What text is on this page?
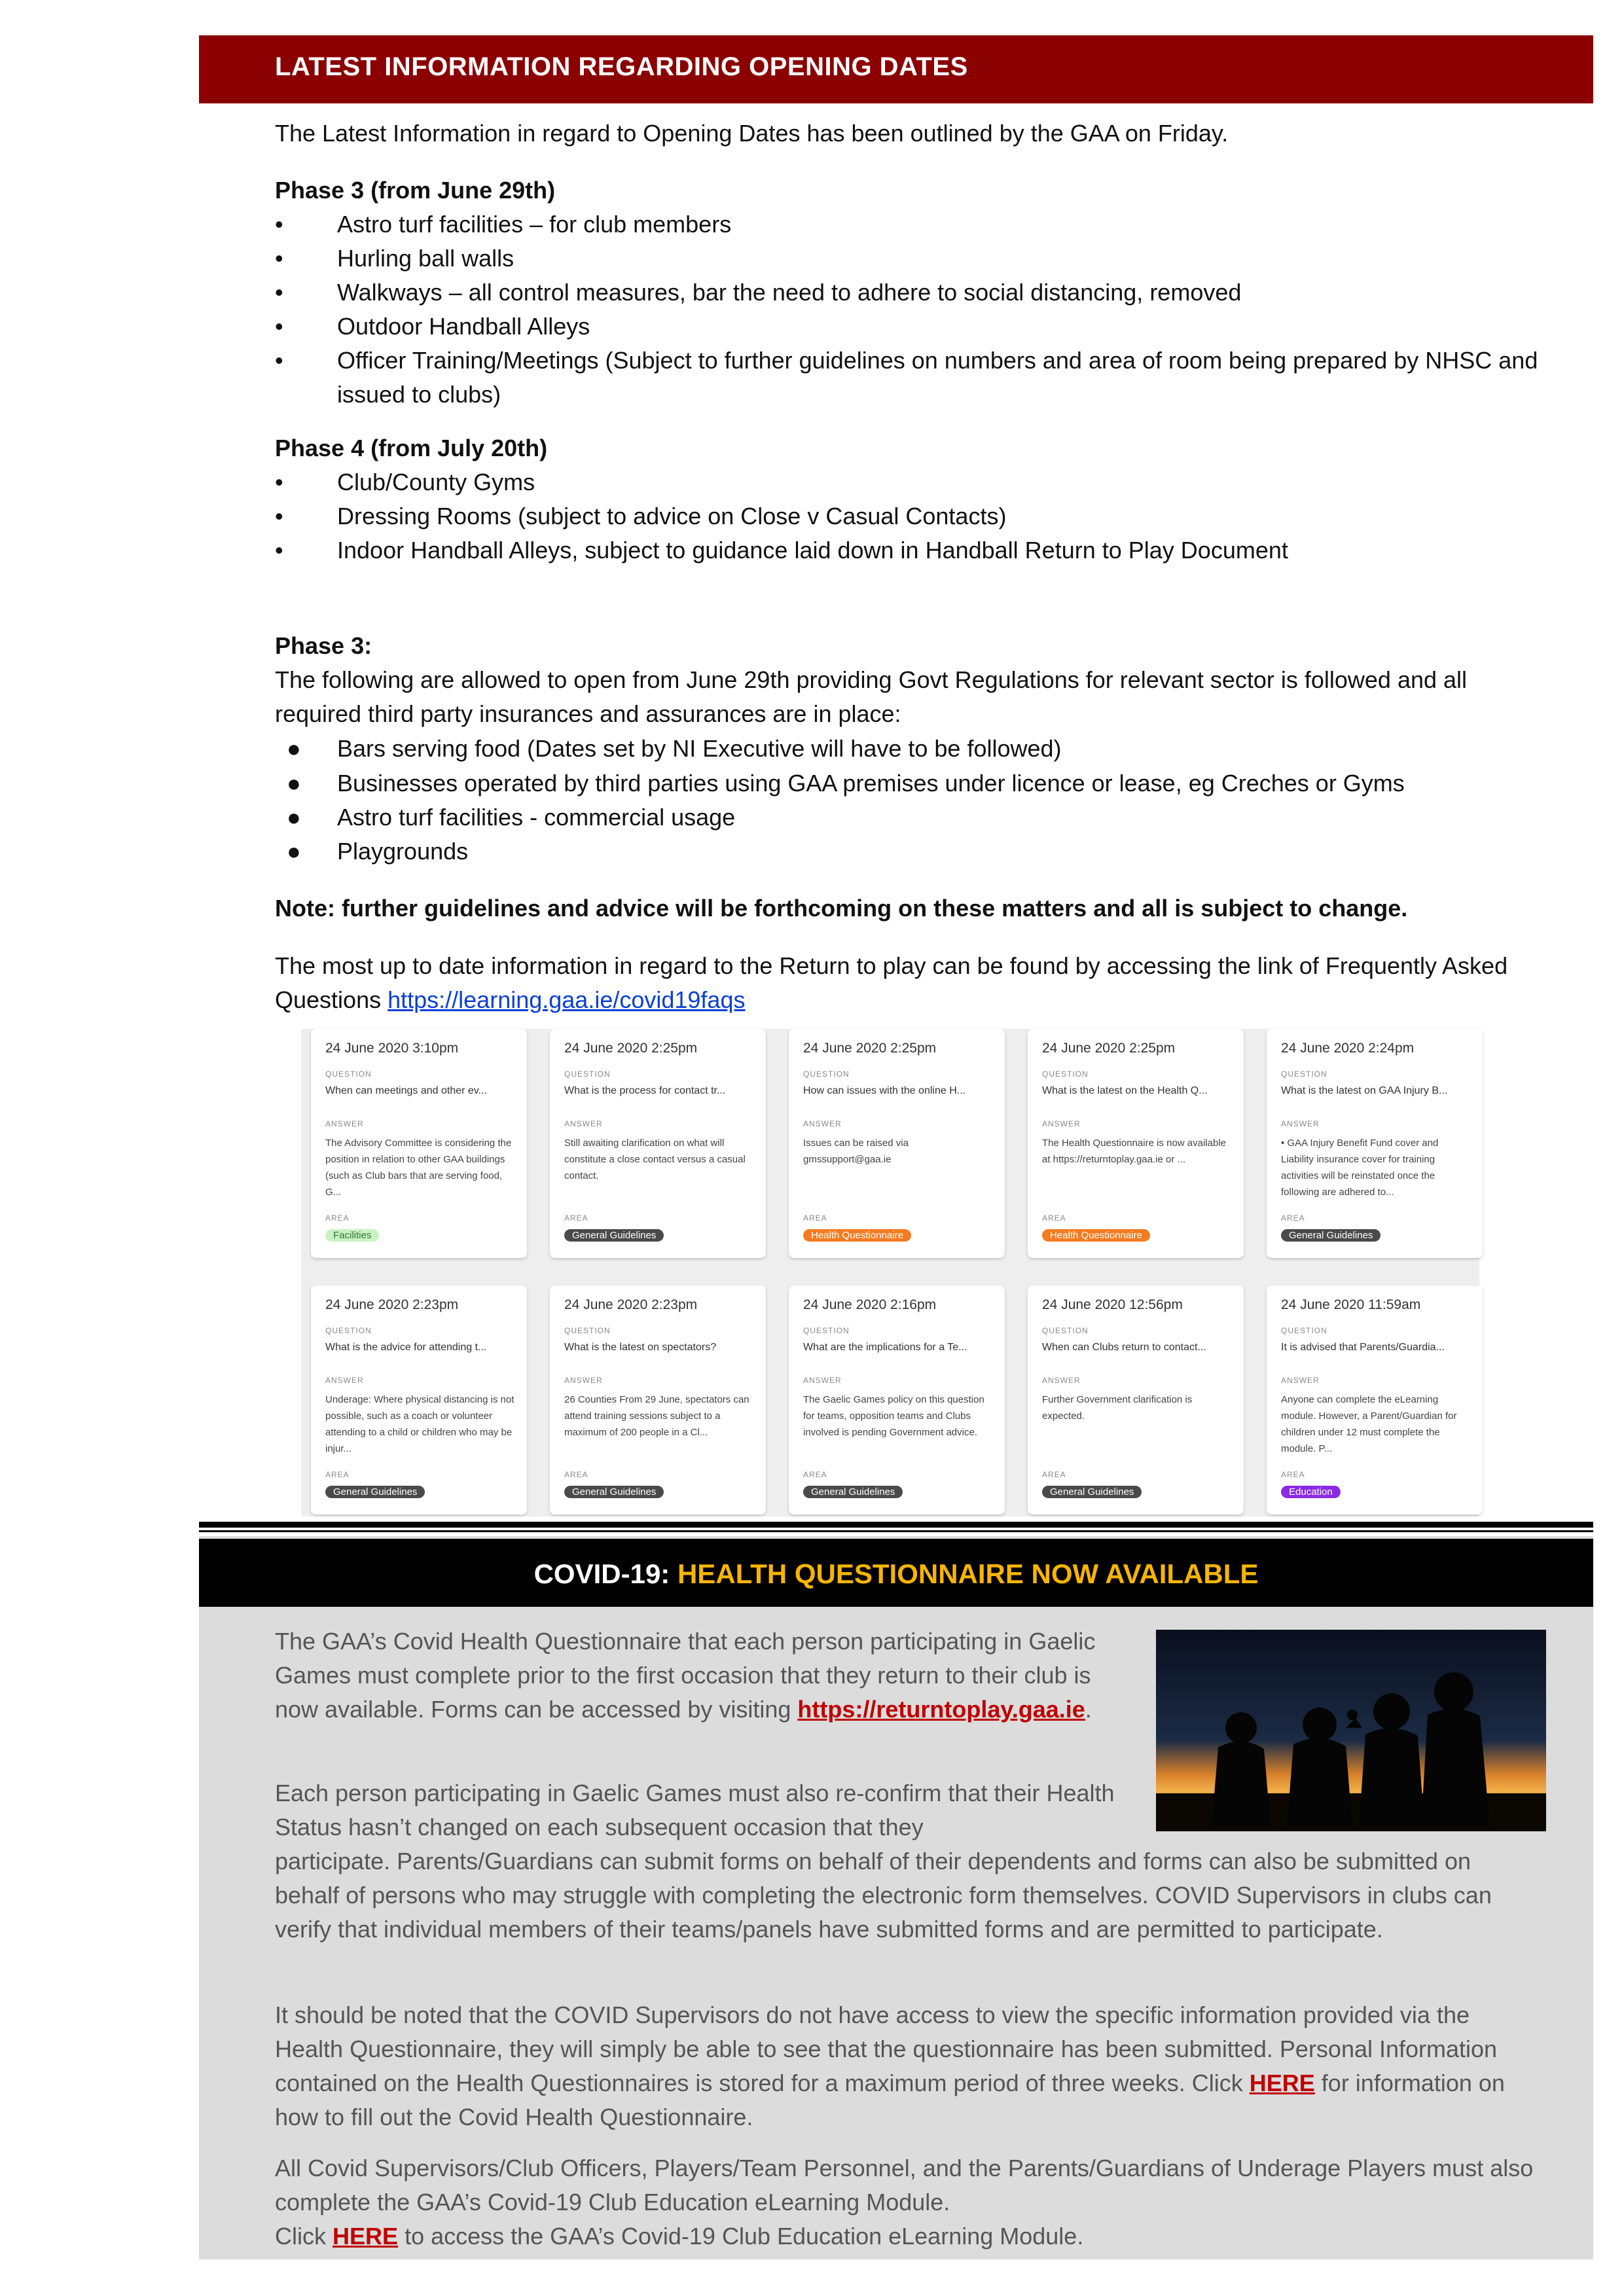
LATEST INFORMATION REGARDING OPENING DATES
The Latest Information in regard to Opening Dates has been outlined by the GAA on Friday.
Phase 3 (from June 29th)
•	Astro turf facilities – for club members
•	Hurling ball walls
•	Walkways – all control measures, bar the need to adhere to social distancing, removed
•	Outdoor Handball Alleys
•	Officer Training/Meetings (Subject to further guidelines on numbers and area of room being prepared by NHSC and issued to clubs)
Phase 4 (from July 20th)
•	Club/County Gyms
•	Dressing Rooms (subject to advice on Close v Casual Contacts)
•	Indoor Handball Alleys, subject to guidance laid down in Handball Return to Play Document
Phase 3:
The following are allowed to open from June 29th providing Govt Regulations for relevant sector is followed and all required third party insurances and assurances are in place:
●	Bars serving food (Dates set by NI Executive will have to be followed)
●	Businesses operated by third parties using GAA premises under licence or lease, eg Creches or Gyms
●	Astro turf facilities - commercial usage
●	Playgrounds
Note: further guidelines and advice will be forthcoming on these matters and all is subject to change.
The most up to date information in regard to the Return to play can be found by accessing the link of Frequently Asked Questions https://learning.gaa.ie/covid19faqs
24 June 2020 3:10pm
QUESTION
When can meetings and other ev...
ANSWER
The Advisory Committee is considering the position in relation to other GAA buildings (such as Club bars that are serving food, G...
AREA
Facilities
24 June 2020 2:25pm
QUESTION
What is the process for contact tr...
ANSWER
Still awaiting clarification on what will constitute a close contact versus a casual contact.
AREA
General Guidelines
24 June 2020 2:25pm
QUESTION
How can issues with the online H...
ANSWER
Issues can be raised via gmssupport@gaa.ie
AREA
Health Questionnaire
24 June 2020 2:25pm
QUESTION
What is the latest on the Health Q...
ANSWER
The Health Questionnaire is now available at https://returntoplay.gaa.ie or ...
AREA
Health Questionnaire
24 June 2020 2:24pm
QUESTION
What is the latest on GAA Injury B...
ANSWER
• GAA Injury Benefit Fund cover and Liability insurance cover for training activities will be reinstated once the following are adhered to...
AREA
General Guidelines
24 June 2020 2:23pm
QUESTION
What is the advice for attending t...
ANSWER
Underage: Where physical distancing is not possible, such as a coach or volunteer attending to a child or children who may be injur...
AREA
General Guidelines
24 June 2020 2:23pm
QUESTION
What is the latest on spectators?
ANSWER
26 Counties From 29 June, spectators can attend training sessions subject to a maximum of 200 people in a Cl...
AREA
General Guidelines
24 June 2020 2:16pm
QUESTION
What are the implications for a Te...
ANSWER
The Gaelic Games policy on this question for teams, opposition teams and Clubs involved is pending Government advice.
AREA
General Guidelines
24 June 2020 12:56pm
QUESTION
When can Clubs return to contact...
ANSWER
Further Government clarification is expected.
AREA
General Guidelines
24 June 2020 11:59am
QUESTION
It is advised that Parents/Guardia...
ANSWER
Anyone can complete the eLearning module. However, a Parent/Guardian for children under 12 must complete the module. P...
AREA
Education
COVID-19: HEALTH QUESTIONNAIRE NOW AVAILABLE
The GAA’s Covid Health Questionnaire that each person participating in Gaelic Games must complete prior to the first occasion that they return to their club is now available. Forms can be accessed by visiting https://returntoplay.gaa.ie.
Each person participating in Gaelic Games must also re-confirm that their Health Status hasn’t changed on each subsequent occasion that they
participate. Parents/Guardians can submit forms on behalf of their dependents and forms can also be submitted on behalf of persons who may struggle with completing the electronic form themselves. COVID Supervisors in clubs can verify that individual members of their teams/panels have submitted forms and are permitted to participate.
It should be noted that the COVID Supervisors do not have access to view the specific information provided via the Health Questionnaire, they will simply be able to see that the questionnaire has been submitted. Personal Information contained on the Health Questionnaires is stored for a maximum period of three weeks. Click HERE for information on how to fill out the Covid Health Questionnaire.
All Covid Supervisors/Club Officers, Players/Team Personnel, and the Parents/Guardians of Underage Players must also complete the GAA’s Covid-19 Club Education eLearning Module.
Click HERE to access the GAA’s Covid-19 Club Education eLearning Module.
